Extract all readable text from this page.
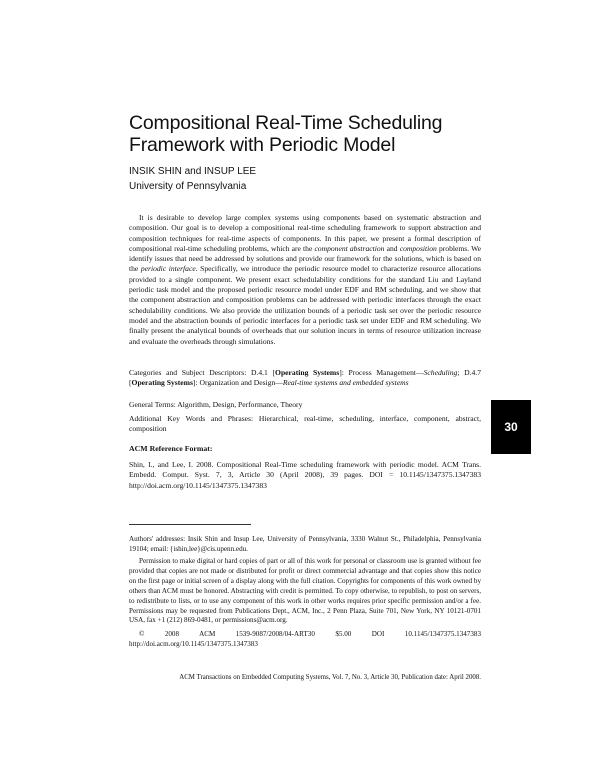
Compositional Real-Time Scheduling Framework with Periodic Model
INSIK SHIN and INSUP LEE
University of Pennsylvania

It is desirable to develop large complex systems using components based on systematic abstraction and composition. Our goal is to develop a compositional real-time scheduling framework to support abstraction and composition techniques for real-time aspects of components. In this paper, we present a formal description of compositional real-time scheduling problems, which are the component abstraction and composition problems. We identify issues that need be addressed by solutions and provide our framework for the solutions, which is based on the periodic interface. Specifically, we introduce the periodic resource model to characterize resource allocations provided to a single component. We present exact schedulability conditions for the standard Liu and Layland periodic task model and the proposed periodic resource model under EDF and RM scheduling, and we show that the component abstraction and composition problems can be addressed with periodic interfaces through the exact schedulability conditions. We also provide the utilization bounds of a periodic task set over the periodic resource model and the abstraction bounds of periodic interfaces for a periodic task set under EDF and RM scheduling. We finally present the analytical bounds of overheads that our solution incurs in terms of resource utilization increase and evaluate the overheads through simulations.

Categories and Subject Descriptors: D.4.1 [Operating Systems]: Process Management—Scheduling; D.4.7 [Operating Systems]: Organization and Design—Real-time systems and embedded systems

General Terms: Algorithm, Design, Performance, Theory

Additional Key Words and Phrases: Hierarchical, real-time, scheduling, interface, component, abstract, composition

ACM Reference Format:

Shin, I., and Lee, I. 2008. Compositional Real-Time scheduling framework with periodic model. ACM Trans. Embedd. Comput. Syst. 7, 3, Article 30 (April 2008), 39 pages. DOI = 10.1145/1347375.1347383 http://doi.acm.org/10.1145/1347375.1347383

Authors' addresses: Insik Shin and Insup Lee, University of Pennsylvania, 3330 Walnut St., Philadelphia, Pennsylvania 19104; email: {ishin,lee}@cis.upenn.edu.

Permission to make digital or hard copies of part or all of this work for personal or classroom use is granted without fee provided that copies are not made or distributed for profit or direct commercial advantage and that copies show this notice on the first page or initial screen of a display along with the full citation. Copyrights for components of this work owned by others than ACM must be honored. Abstracting with credit is permitted. To copy otherwise, to republish, to post on servers, to redistribute to lists, or to use any component of this work in other works requires prior specific permission and/or a fee. Permissions may be requested from Publications Dept., ACM, Inc., 2 Penn Plaza, Suite 701, New York, NY 10121-0701 USA, fax +1 (212) 869-0481, or permissions@acm.org.

© 2008 ACM 1539-9087/2008/04-ART30 $5.00 DOI 10.1145/1347375.1347383 http://doi.acm.org/10.1145/1347375.1347383

ACM Transactions on Embedded Computing Systems, Vol. 7, No. 3, Article 30, Publication date: April 2008.
30
